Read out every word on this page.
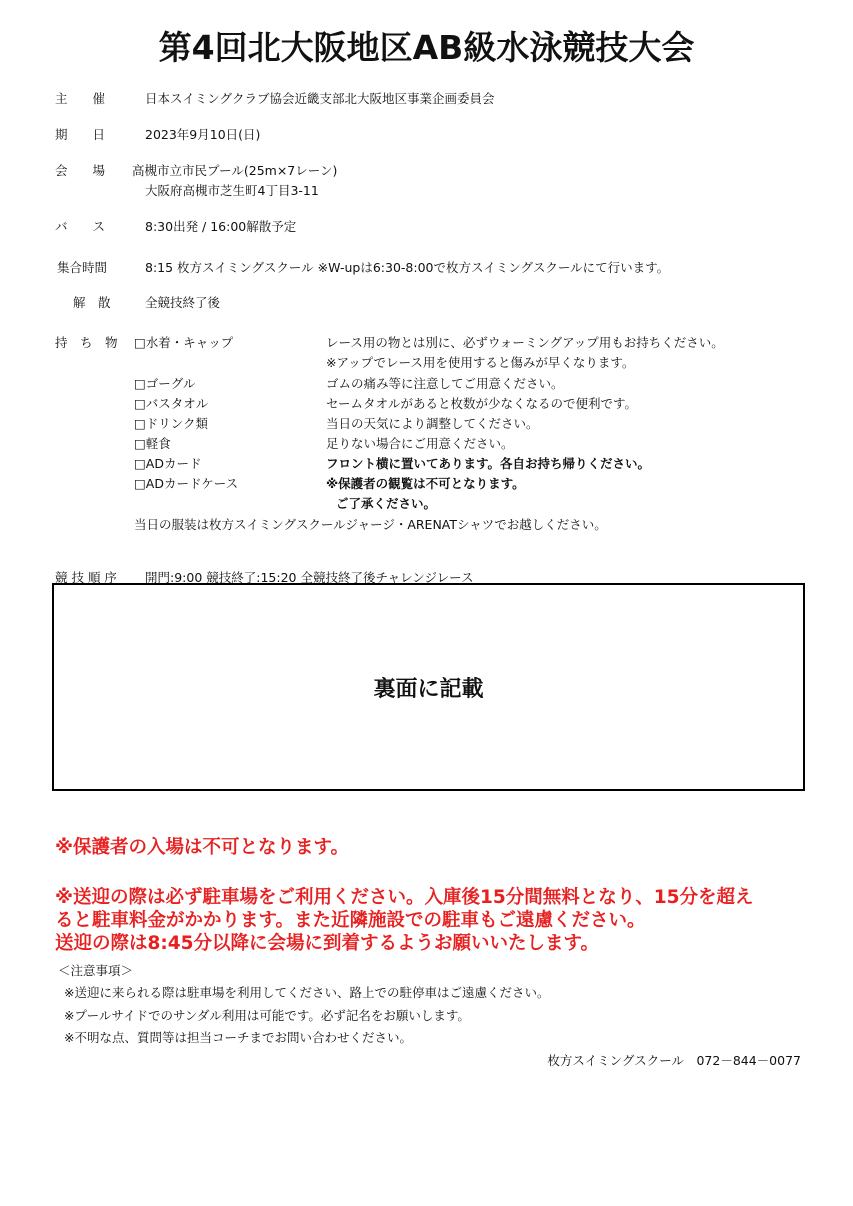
第4回北大阪地区AB級水泳競技大会
主　　催	日本スイミングクラブ協会近畿支部北大阪地区事業企画委員会
期　　日	2023年9月10日(日)
会　　場 高槻市立市民プール(25m×7レーン)
大阪府高槻市芝生町4丁目3-11
バ　　ス	8:30出発 / 16:00解散予定
集合時間	8:15 枚方スイミングスクール ※W-upは6:30-8:00で枚方スイミングスクールにて行います。
解　散	全競技終了後
持　ち　物 □水着・キャップ	レース用の物とは別に、必ずウォーミングアップ用もお持ちください。
※アップでレース用を使用すると傷みが早くなります。
□ゴーグル	ゴムの痛み等に注意してご用意ください。
□バスタオル	セームタオルがあると枚数が少なくなるので便利です。
□ドリンク類	当日の天気により調整してください。
□軽食	足りない場合にご用意ください。
□ADカード	フロント横に置いてあります。各自お持ち帰りください。
□ADカードケース	※保護者の観覧は不可となります。
ご了承ください。
当日の服装は枚方スイミングスクールジャージ・ARENATシャツでお越しください。
競 技 順 序 開門:9:00 競技終了:15:20 全競技終了後チャレンジレース
裏面に記載
※保護者の入場は不可となります。
※送迎の際は必ず駐車場をご利用ください。入庫後15分間無料となり、15分を超え
ると駐車料金がかかります。また近隣施設での駐車もご遠慮ください。
送迎の際は8:45分以降に会場に到着するようお願いいたします。
＜注意事項＞
※送迎に来られる際は駐車場を利用してください、路上での駐停車はご遠慮ください。
※プールサイドでのサンダル利用は可能です。必ず記名をお願いします。
※不明な点、質問等は担当コーチまでお問い合わせください。
枚方スイミングスクール　072－844－0077
